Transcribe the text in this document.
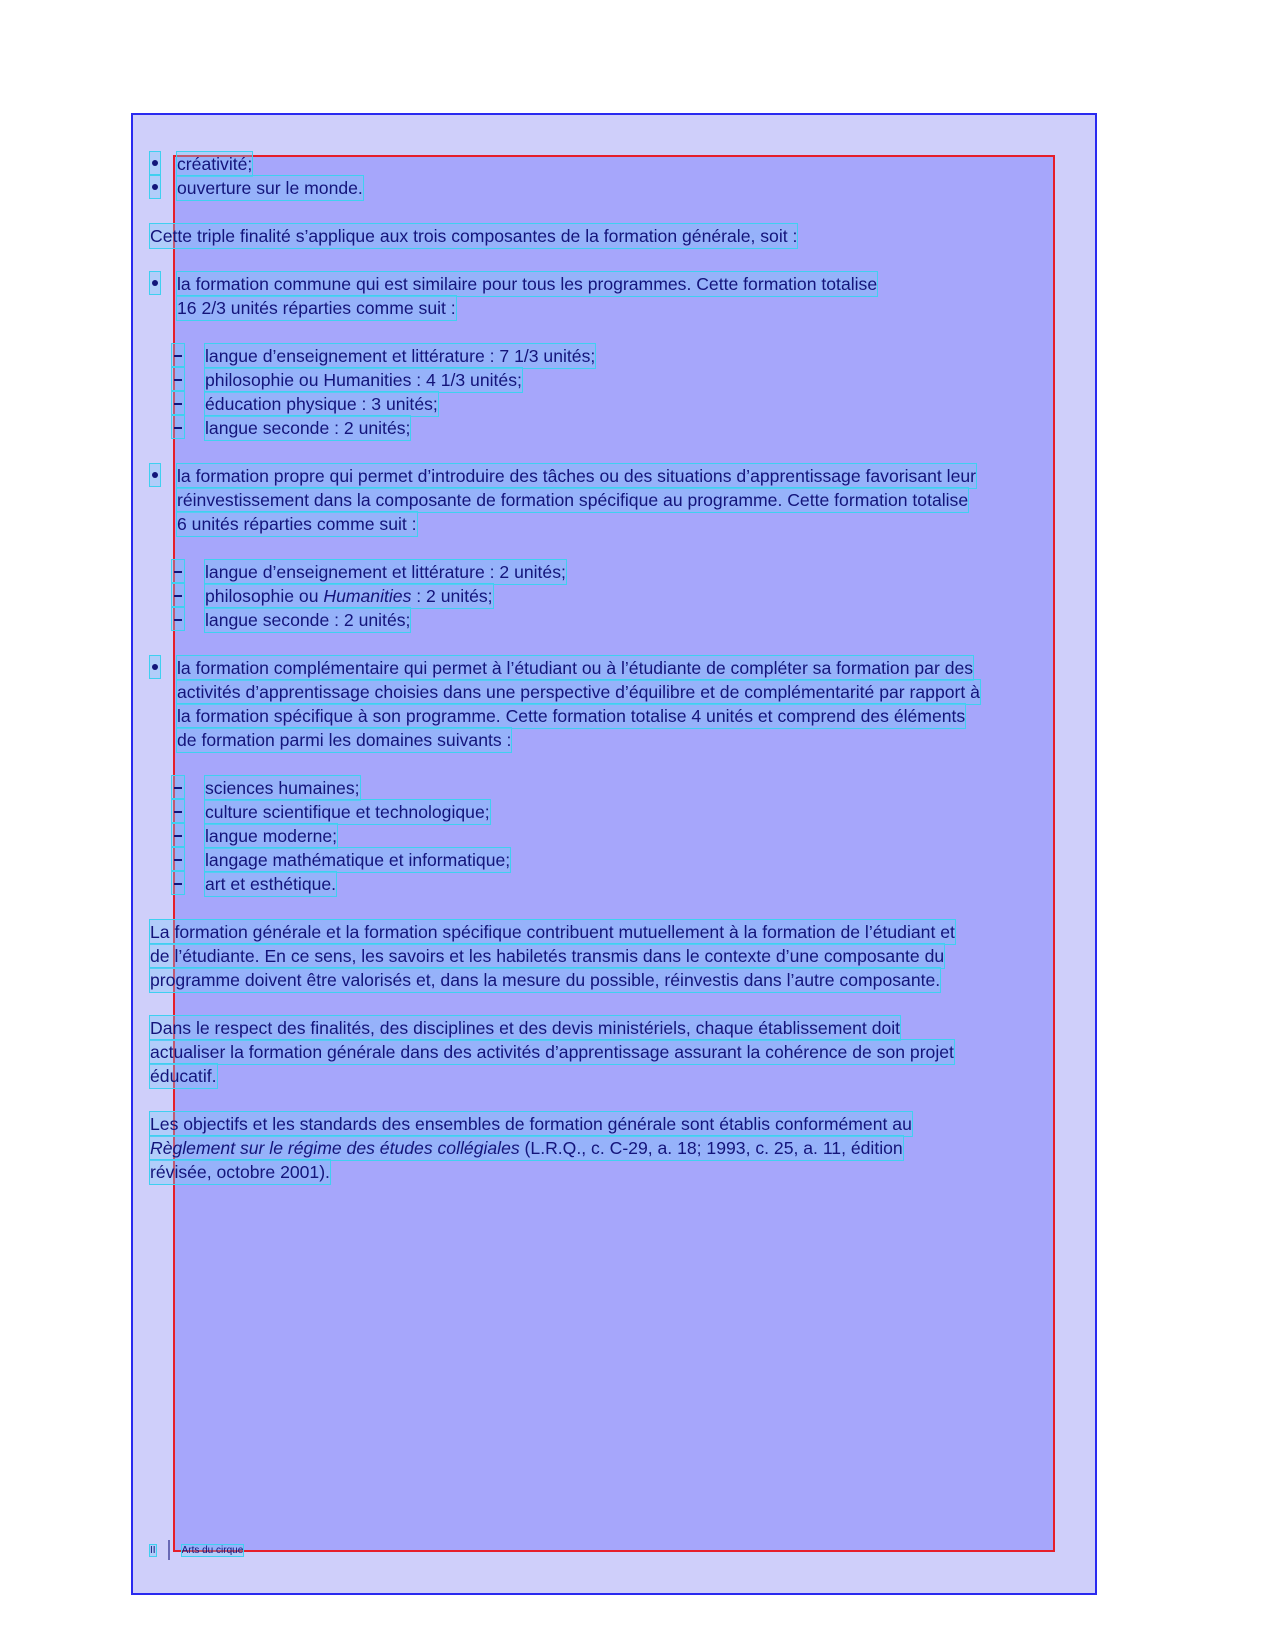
créativité;
ouverture sur le monde.
Cette triple finalité s’applique aux trois composantes de la formation générale, soit :
la formation commune qui est similaire pour tous les programmes. Cette formation totalise
16 2/3 unités réparties comme suit :
langue d’enseignement et littérature : 7 1/3 unités;
philosophie ou Humanities : 4 1/3 unités;
éducation physique : 3 unités;
langue seconde : 2 unités;
la formation propre qui permet d’introduire des tâches ou des situations d’apprentissage favorisant leur
réinvestissement dans la composante de formation spécifique au programme. Cette formation totalise
6 unités réparties comme suit :
langue d’enseignement et littérature : 2 unités;
philosophie ou Humanities : 2 unités;
langue seconde : 2 unités;
la formation complémentaire qui permet à l’étudiant ou à l’étudiante de compléter sa formation par des
activités d’apprentissage choisies dans une perspective d’équilibre et de complémentarité par rapport à
la formation spécifique à son programme. Cette formation totalise 4 unités et comprend des éléments
de formation parmi les domaines suivants :
sciences humaines;
culture scientifique et technologique;
langue moderne;
langage mathématique et informatique;
art et esthétique.
La formation générale et la formation spécifique contribuent mutuellement à la formation de l’étudiant et
de l’étudiante. En ce sens, les savoirs et les habiletés transmis dans le contexte d’une composante du
programme doivent être valorisés et, dans la mesure du possible, réinvestis dans l’autre composante.
Dans le respect des finalités, des disciplines et des devis ministériels, chaque établissement doit
actualiser la formation générale dans des activités d’apprentissage assurant la cohérence de son projet
éducatif.
Les objectifs et les standards des ensembles de formation générale sont établis conformément au
Règlement sur le régime des études collégiales (L.R.Q., c. C-29, a. 18; 1993, c. 25, a. 11, édition
révisée, octobre 2001).
II	Arts du cirque
